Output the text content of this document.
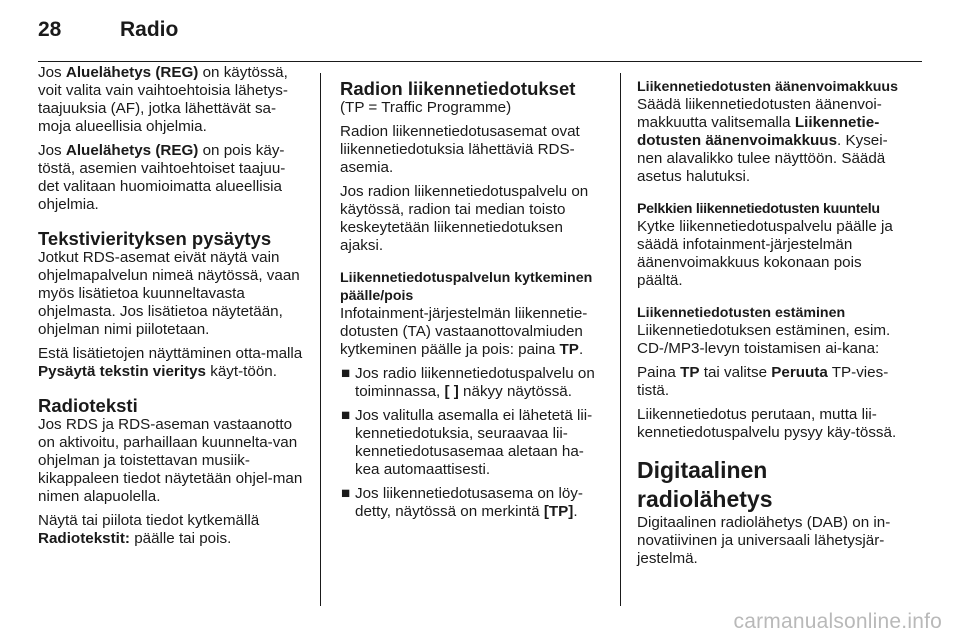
28	Radio

Jos Aluelähetys (REG) on käytössä, voit valita vain vaihtoehtoisia lähetys-taajuuksia (AF), jotka lähettävät sa-moja alueellisia ohjelmia.

Jos Aluelähetys (REG) on pois käy-töstä, asemien vaihtoehtoiset taajuu-det valitaan huomioimatta alueellisia ohjelmia.

Tekstivierityksen pysäytys

Jotkut RDS-asemat eivät näytä vain ohjelmapalvelun nimeä näytössä, vaan myös lisätietoa kuunneltavasta ohjelmasta. Jos lisätietoa näytetään, ohjelman nimi piilotetaan.

Estä lisätietojen näyttäminen otta-malla Pysäytä tekstin vieritys käyt-töön.

Radioteksti

Jos RDS ja RDS-aseman vastaanotto on aktivoitu, parhaillaan kuunnelta-van ohjelman ja toistettavan musiik-kikappaleen tiedot näytetään ohjel-man nimen alapuolella.

Näytä tai piilota tiedot kytkemällä Radiotekstit: päälle tai pois.

Radion liikennetiedotukset

(TP = Traffic Programme)

Radion liikennetiedotusasemat ovat liikennetiedotuksia lähettäviä RDS-asemia.

Jos radion liikennetiedotuspalvelu on käytössä, radion tai median toisto keskeytetään liikennetiedotuksen ajaksi.

Liikennetiedotuspalvelun kytkeminen päälle/pois

Infotainment-järjestelmän liikennetie-dotusten (TA) vastaanottovalmiuden kytkeminen päälle ja pois: paina TP.

■ Jos radio liikennetiedotuspalvelu on toiminnassa, [ ] näkyy näytössä.
■ Jos valitulla asemalla ei lähetetä lii-kennetiedotuksia, seuraavaa lii-kennetiedotusasemaa aletaan ha-kea automaattisesti.
■ Jos liikennetiedotusasema on löy-detty, näytössä on merkintä [TP].
Liikennetiedotusten äänenvoimakkuus

Säädä liikennetiedotusten äänenvoi-makkuutta valitsemalla Liikennetie-dotusten äänenvoimakkuus. Kysei-nen alavalikko tulee näyttöön. Säädä asetus halutuksi.

Pelkkien liikennetiedotusten kuuntelu

Kytke liikennetiedotuspalvelu päälle ja säädä infotainment-järjestelmän äänenvoimakkuus kokonaan pois päältä.

Liikennetiedotusten estäminen

Liikennetiedotuksen estäminen, esim. CD-/MP3-levyn toistamisen ai-kana:

Paina TP tai valitse Peruuta TP-vies-tistä.

Liikennetiedotus perutaan, mutta lii-kennetiedotuspalvelu pysyy käy-tössä.

Digitaalinen radiolähetys

Digitaalinen radiolähetys (DAB) on in-novatiivinen ja universaali lähetysjär-jestelmä.

carmanualsonline.info
